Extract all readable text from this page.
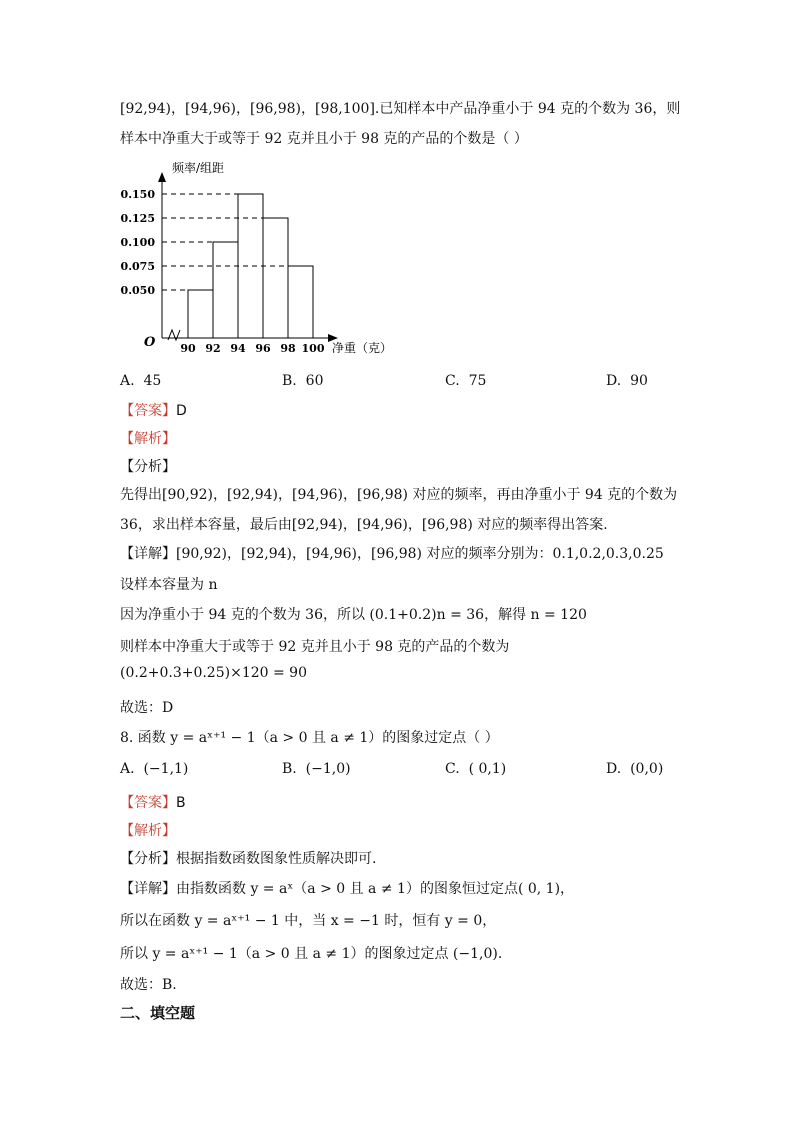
[92,94)，[94,96)，[96,98)，[98,100].已知样本中产品净重小于 94 克的个数为 36，则
样本中净重大于或等于 92 克并且小于 98 克的产品的个数是（ ）
频率/组距
净重（克）
O
0.150
0.125
0.100
0.075
0.050
90 92 94 96 98 100
A. 45	B. 60	C. 75	D. 90
【答案】D
【解析】
【分析】
先得出[90,92)，[92,94)，[94,96)，[96,98) 对应的频率，再由净重小于 94 克的个数为
36，求出样本容量，最后由[92,94)，[94,96)，[96,98) 对应的频率得出答案.
【详解】[90,92)，[92,94)，[94,96)，[96,98) 对应的频率分别为：0.1,0.2,0.3,0.25
设样本容量为 n
因为净重小于 94 克的个数为 36，所以 (0.1+0.2)n = 36，解得 n = 120
则样本中净重大于或等于 92 克并且小于 98 克的产品的个数为
(0.2+0.3+0.25)×120 = 90
故选：D
8. 函数 y = aˣ⁺¹ − 1（a > 0 且 a ≠ 1）的图象过定点（ ）
A. (−1,1)	B. (−1,0)	C. ( 0,1)	D. (0,0)
【答案】B
【解析】
【分析】根据指数函数图象性质解决即可.
【详解】由指数函数 y = aˣ（a > 0 且 a ≠ 1）的图象恒过定点( 0, 1)，
所以在函数 y = aˣ⁺¹ − 1 中，当 x = −1 时，恒有 y = 0，
所以 y = aˣ⁺¹ − 1（a > 0 且 a ≠ 1）的图象过定点 (−1,0).
故选：B.
二、填空题
